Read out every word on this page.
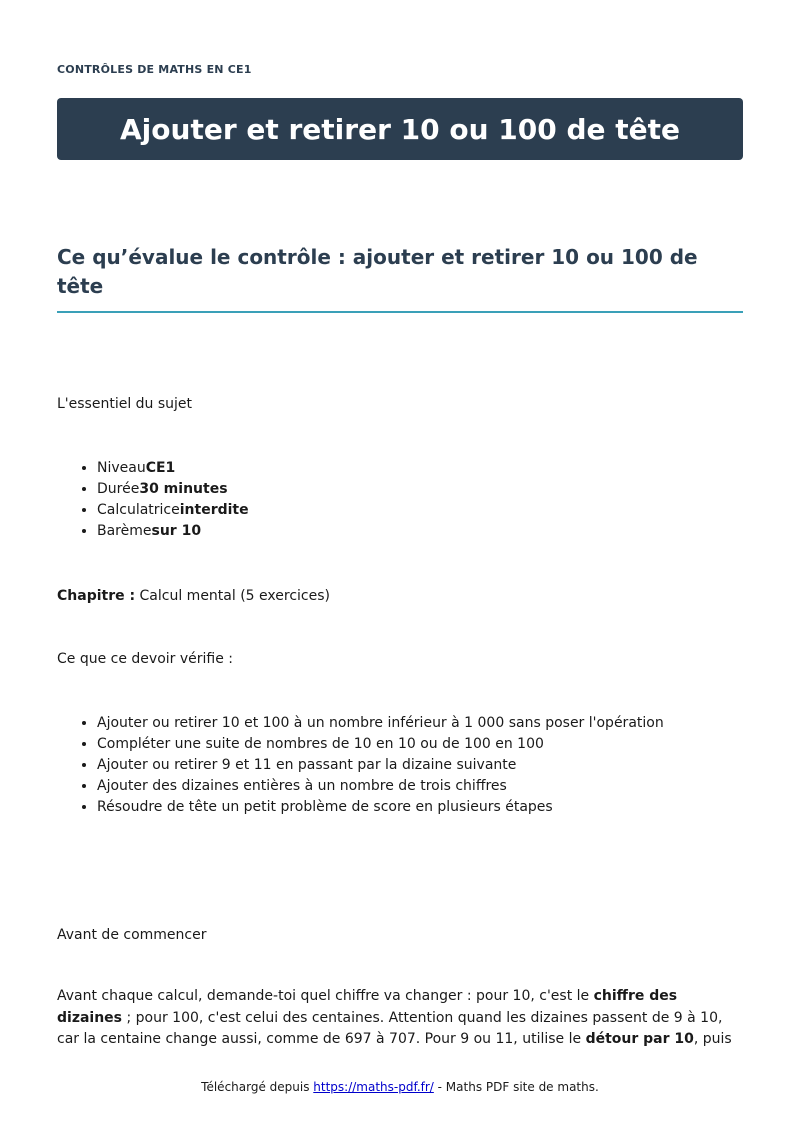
CONTRÔLES DE MATHS EN CE1
Ajouter et retirer 10 ou 100 de tête
Ce qu’évalue le contrôle : ajouter et retirer 10 ou 100 de tête

L'essentiel du sujet

• NiveauCE1
• Durée30 minutes
• Calculatriceinterdite
• Barèmesur 10

Chapitre : Calcul mental (5 exercices)

Ce que ce devoir vérifie :

• Ajouter ou retirer 10 et 100 à un nombre inférieur à 1 000 sans poser l'opération
• Compléter une suite de nombres de 10 en 10 ou de 100 en 100
• Ajouter ou retirer 9 et 11 en passant par la dizaine suivante
• Ajouter des dizaines entières à un nombre de trois chiffres
• Résoudre de tête un petit problème de score en plusieurs étapes

Avant de commencer

Avant chaque calcul, demande-toi quel chiffre va changer : pour 10, c'est le chiffre des dizaines ; pour 100, c'est celui des centaines. Attention quand les dizaines passent de 9 à 10, car la centaine change aussi, comme de 697 à 707. Pour 9 ou 11, utilise le détour par 10, puis

Téléchargé depuis https://maths-pdf.fr/ - Maths PDF site de maths.
